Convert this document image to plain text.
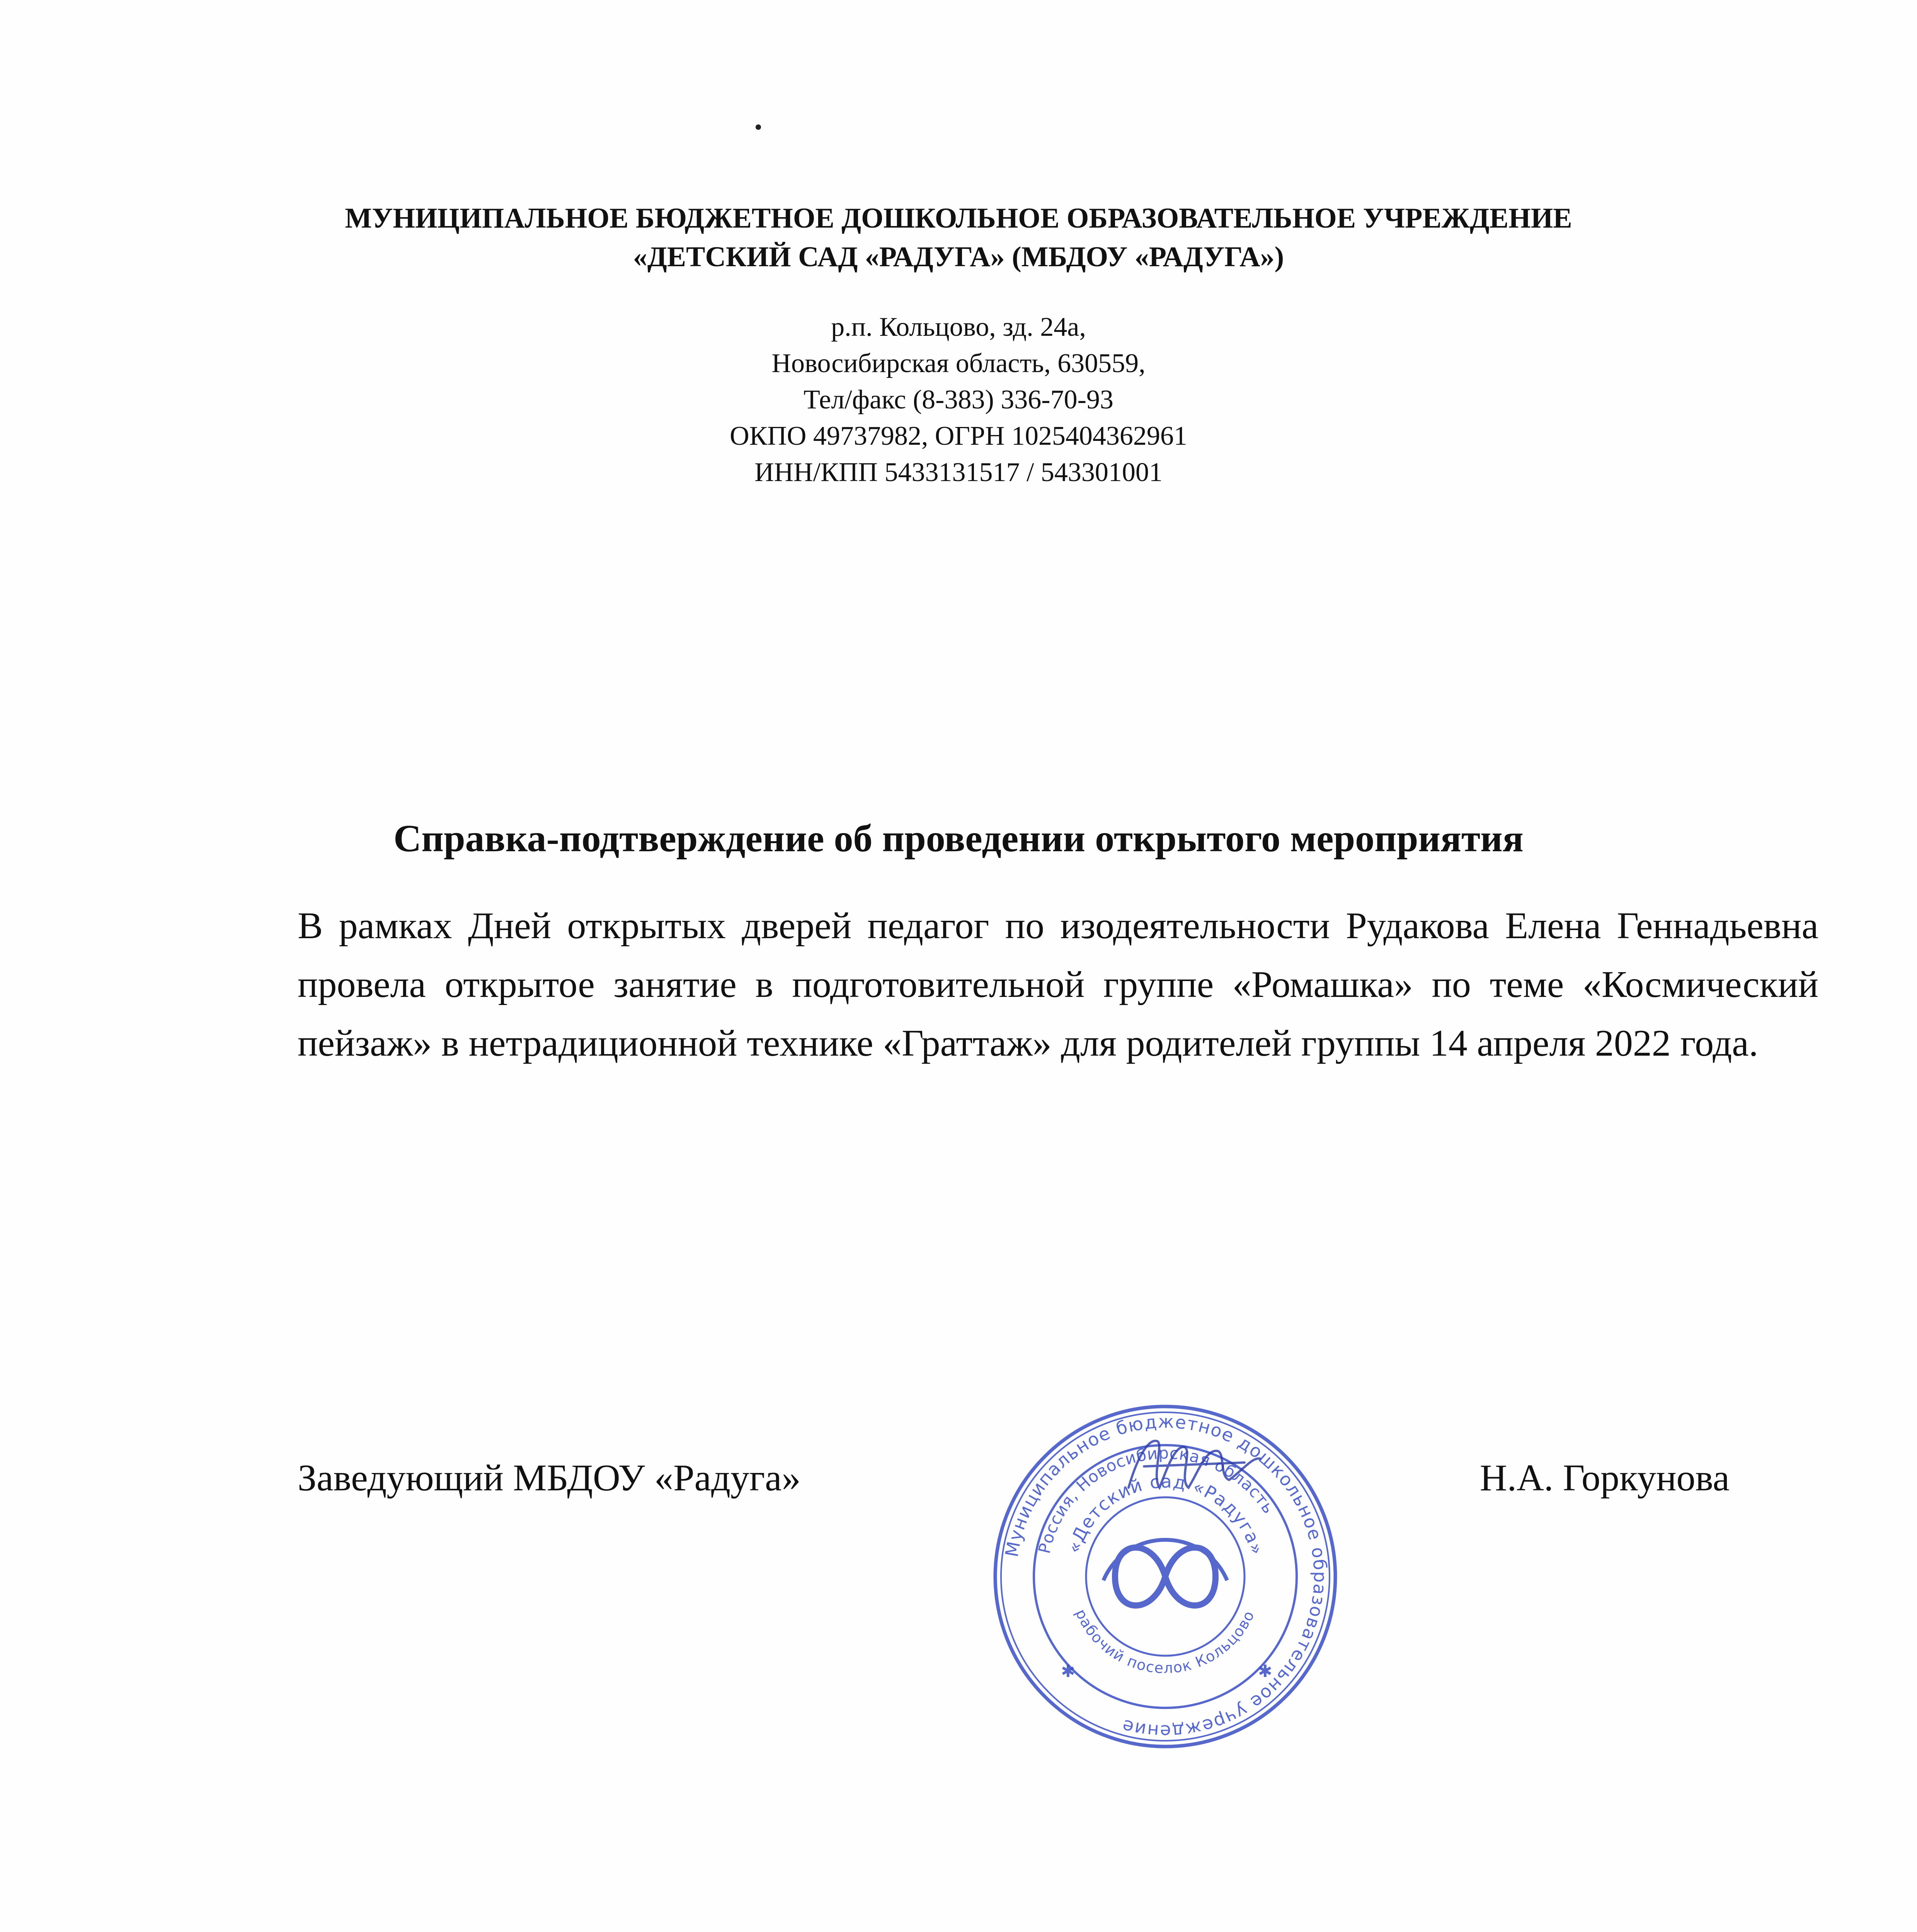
МУНИЦИПАЛЬНОЕ БЮДЖЕТНОЕ ДОШКОЛЬНОЕ ОБРАЗОВАТЕЛЬНОЕ УЧРЕЖДЕНИЕ
«ДЕТСКИЙ САД «РАДУГА» (МБДОУ «РАДУГА»)
р.п. Кольцово, зд. 24а,
Новосибирская область, 630559,
Тел/факс (8-383) 336-70-93
ОКПО 49737982, ОГРН 1025404362961
ИНН/КПП 5433131517 / 543301001
Справка-подтверждение об проведении открытого мероприятия
В рамках Дней открытых дверей педагог по изодеятельности Рудакова Елена Геннадьевна провела открытое занятие в подготовительной группе «Ромашка» по теме «Космический пейзаж» в нетрадиционной технике «Граттаж» для родителей группы 14 апреля 2022 года.
Заведующий МБДОУ «Радуга»	Н.А. Горкунова
Муниципальное бюджетное дошкольное образовательное учреждение
Россия, Новосибирская область
«Детский сад «Радуга»
рабочий поселок Кольцово
✱	✱
